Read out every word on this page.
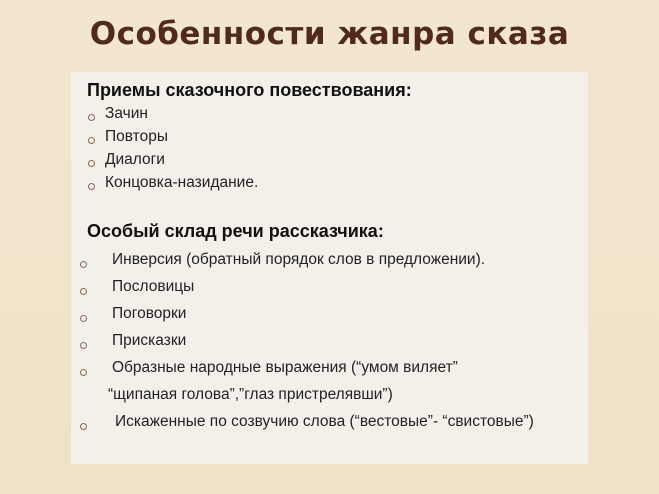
Особенности жанра сказа
Приемы сказочного повествования:
Зачин
Повторы
Диалоги
Концовка-назидание.
Особый склад речи рассказчика:
Инверсия (обратный порядок слов в предложении).
Пословицы
Поговорки
Присказки
Образные народные выражения (“умом виляет”
“щипаная голова”,”глаз пристрелявши”)
Искаженные по созвучию слова (“вестовые”- “свистовые”)
